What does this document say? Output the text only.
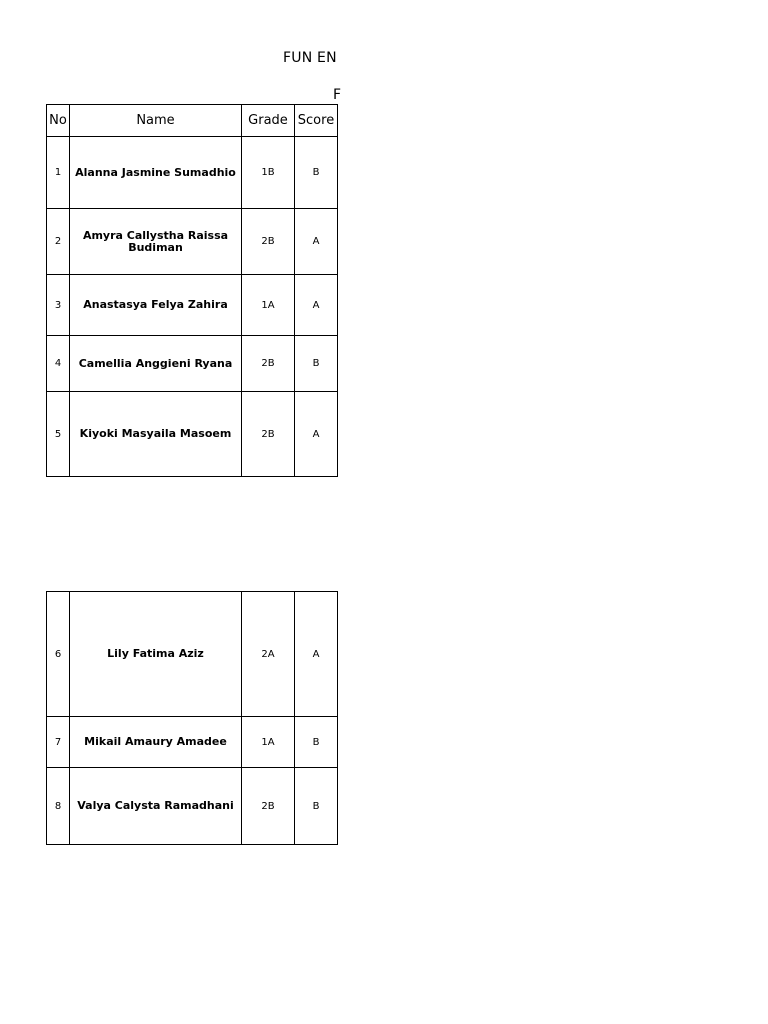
FUN EN
F
No	Name	Grade	Score
1	Alanna Jasmine Sumadhio	1B	B
2	Amyra Callystha Raissa Budiman	2B	A
3	Anastasya Felya Zahira	1A	A
4	Camellia Anggieni Ryana	2B	B
5	Kiyoki Masyaila Masoem	2B	A
6	Lily Fatima Aziz	2A	A
7	Mikail Amaury Amadee	1A	B
8	Valya Calysta Ramadhani	2B	B
